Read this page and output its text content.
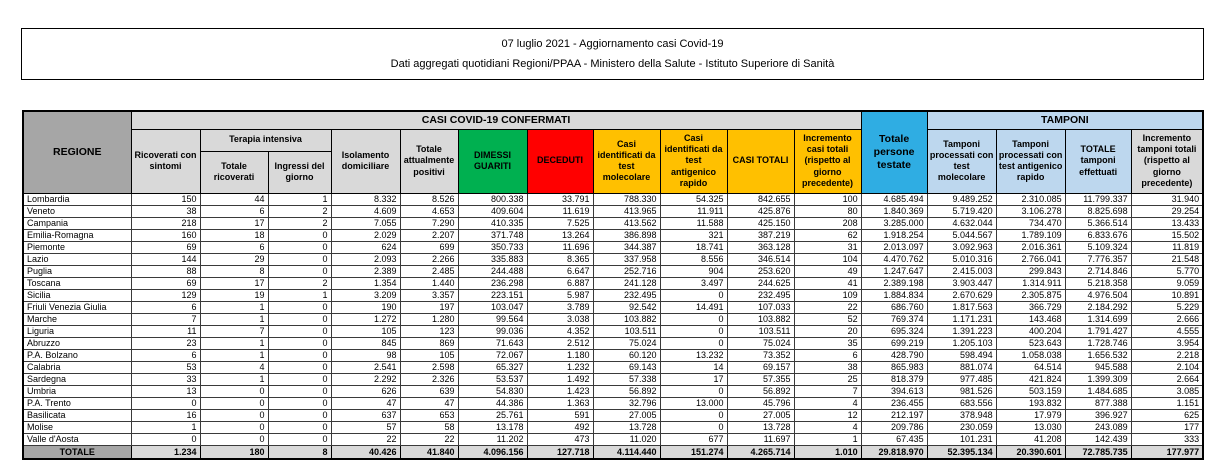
07 luglio 2021 - Aggiornamento casi Covid-19
Dati aggregati quotidiani Regioni/PPAA - Ministero della Salute - Istituto Superiore di Sanità
REGIONE	CASI COVID-19 CONFERMATI											Totale persone testate	TAMPONI			
	Ricoverati con sintomi	Terapia intensiva		Isolamento domiciliare	Totale attualmente positivi	DIMESSI GUARITI	DECEDUTI	Casi identificati da test molecolare	Casi identificati da test antigenico rapido	CASI TOTALI	Incremento casi totali (rispetto al giorno precedente)		Tamponi processati con test molecolare	Tamponi processati con test antigenico rapido	TOTALE tamponi effettuati	Incremento tamponi totali (rispetto al giorno precedente)
		Totale ricoverati	Ingressi del giorno													
Lombardia	150	44	1	8.332	8.526	800.338	33.791	788.330	54.325	842.655	100	4.685.494	9.489.252	2.310.085	11.799.337	31.940
Veneto	38	6	2	4.609	4.653	409.604	11.619	413.965	11.911	425.876	80	1.840.369	5.719.420	3.106.278	8.825.698	29.254
Campania	218	17	2	7.055	7.290	410.335	7.525	413.562	11.588	425.150	208	3.285.000	4.632.044	734.470	5.366.514	13.433
Emilia-Romagna	160	18	0	2.029	2.207	371.748	13.264	386.898	321	387.219	62	1.918.254	5.044.567	1.789.109	6.833.676	15.502
Piemonte	69	6	0	624	699	350.733	11.696	344.387	18.741	363.128	31	2.013.097	3.092.963	2.016.361	5.109.324	11.819
Lazio	144	29	0	2.093	2.266	335.883	8.365	337.958	8.556	346.514	104	4.470.762	5.010.316	2.766.041	7.776.357	21.548
Puglia	88	8	0	2.389	2.485	244.488	6.647	252.716	904	253.620	49	1.247.647	2.415.003	299.843	2.714.846	5.770
Toscana	69	17	2	1.354	1.440	236.298	6.887	241.128	3.497	244.625	41	2.389.198	3.903.447	1.314.911	5.218.358	9.059
Sicilia	129	19	1	3.209	3.357	223.151	5.987	232.495	0	232.495	109	1.884.834	2.670.629	2.305.875	4.976.504	10.891
Friuli Venezia Giulia	6	1	0	190	197	103.047	3.789	92.542	14.491	107.033	22	686.760	1.817.563	366.729	2.184.292	5.229
Marche	7	1	0	1.272	1.280	99.564	3.038	103.882	0	103.882	52	769.374	1.171.231	143.468	1.314.699	2.666
Liguria	11	7	0	105	123	99.036	4.352	103.511	0	103.511	20	695.324	1.391.223	400.204	1.791.427	4.555
Abruzzo	23	1	0	845	869	71.643	2.512	75.024	0	75.024	35	699.219	1.205.103	523.643	1.728.746	3.954
P.A. Bolzano	6	1	0	98	105	72.067	1.180	60.120	13.232	73.352	6	428.790	598.494	1.058.038	1.656.532	2.218
Calabria	53	4	0	2.541	2.598	65.327	1.232	69.143	14	69.157	38	865.983	881.074	64.514	945.588	2.104
Sardegna	33	1	0	2.292	2.326	53.537	1.492	57.338	17	57.355	25	818.379	977.485	421.824	1.399.309	2.664
Umbria	13	0	0	626	639	54.830	1.423	56.892	0	56.892	7	394.613	981.526	503.159	1.484.685	3.085
P.A. Trento	0	0	0	47	47	44.386	1.363	32.796	13.000	45.796	4	236.455	683.556	193.832	877.388	1.151
Basilicata	16	0	0	637	653	25.761	591	27.005	0	27.005	12	212.197	378.948	17.979	396.927	625
Molise	1	0	0	57	58	13.178	492	13.728	0	13.728	4	209.786	230.059	13.030	243.089	177
Valle d'Aosta	0	0	0	22	22	11.202	473	11.020	677	11.697	1	67.435	101.231	41.208	142.439	333
TOTALE	1.234	180	8	40.426	41.840	4.096.156	127.718	4.114.440	151.274	4.265.714	1.010	29.818.970	52.395.134	20.390.601	72.785.735	177.977
